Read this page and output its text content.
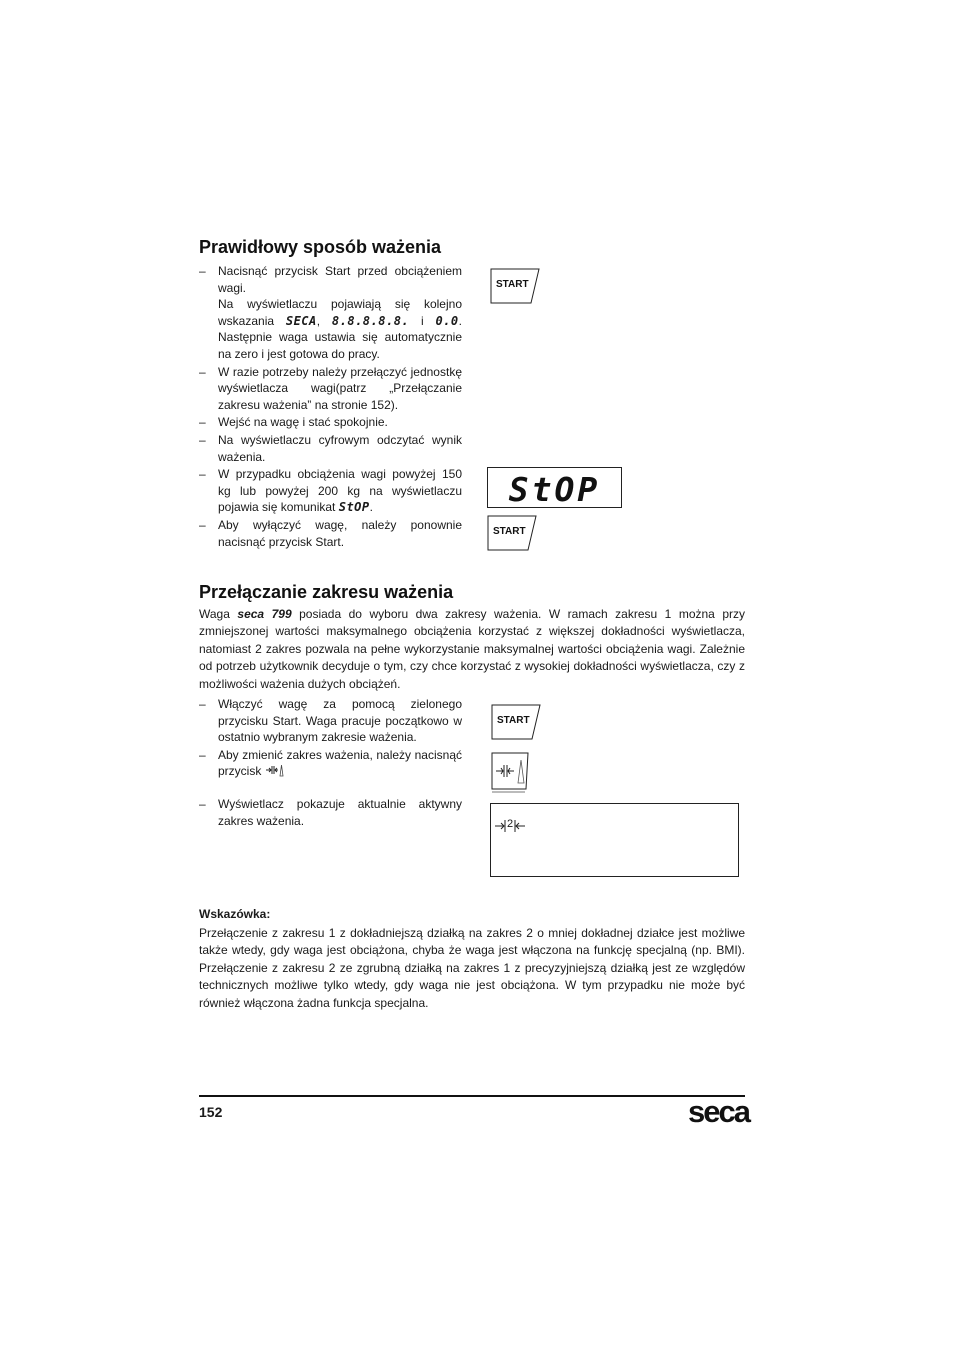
Prawidłowy sposób ważenia
– Nacisnąć przycisk Start przed obciążeniem wagi.

Na wyświetlaczu pojawiają się kolejno wskazania SECA, 8.8.8.8.8. i 0.0. Następnie waga ustawia się automatycznie na zero i jest gotowa do pracy.

– W razie potrzeby należy przełączyć jednostkę wyświetlacza wagi(patrz „Przełączanie zakresu ważenia” na stronie 152).

– Wejść na wagę i stać spokojnie.

– Na wyświetlaczu cyfrowym odczytać wynik ważenia.

– W przypadku obciążenia wagi powyżej 150 kg lub powyżej 200 kg na wyświetlaczu pojawia się komunikat StOP.

– Aby wyłączyć wagę, należy ponownie nacisnąć przycisk Start.

START
StOP
START
Przełączanie zakresu ważenia

Waga seca 799 posiada do wyboru dwa zakresy ważenia. W ramach zakresu 1 można przy zmniejszonej wartości maksymalnego obciążenia korzystać z większej dokładności wyświetlacza, natomiast 2 zakres pozwala na pełne wykorzystanie maksymalnej wartości obciążenia wagi. Zależnie od potrzeb użytkownik decyduje o tym, czy chce korzystać z wysokiej dokładności wyświetlacza, czy z możliwości ważenia dużych obciążeń.

– Włączyć wagę za pomocą zielonego przycisku Start. Waga pracuje początkowo w ostatnio wybranym zakresie ważenia.

– Aby zmienić zakres ważenia, należy nacisnąć przycisk

– Wyświetlacz pokazuje aktualnie aktywny zakres ważenia.

START
2
Wskazówka:

Przełączenie z zakresu 1 z dokładniejszą działką na zakres 2 o mniej dokładnej działce jest możliwe także wtedy, gdy waga jest obciążona, chyba że waga jest włączona na funkcję specjalną (np. BMI). Przełączenie z zakresu 2 ze zgrubną działką na zakres 1 z precyzyjniejszą działką jest ze względów technicznych możliwe tylko wtedy, gdy waga nie jest obciążona. W tym przypadku nie może być również włączona żadna funkcja specjalna.

152	seca
